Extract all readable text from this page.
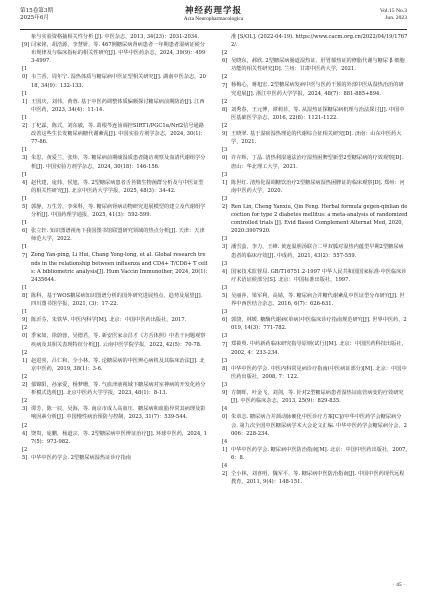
第15卷第3期
2025年6月
神经药理学报
Acta Neuropharmacologica
Vol.15 No.3
Jun. 2023

象与实验资格抽相关性分析 [J]. 中医杂志，2013, 34(23)：2031-2034.

[9] 闫家铭，胡浩源，李慧妍，等. 467例糖尿病肾病患者一年期患者湿病证候分布规律及与临床指标的相关性研究[J]. 中华中医药杂志，2024, 39(9)：4993-4997.

[10] 韦兰香，周年宁. 湿热体质与糖尿病中医证型相关研究[J]. 湖南中医杂志，2018, 34(9)：132-133.

[11] 王国庆，刘伟，黄蓉. 基于中医药调整体质偏颇探讨糖尿病前期防治[J]. 江西中医药，2023, 34(4)：11-14.

[12] 丁杞霖，陈式，刘东敏，等. 葛根芩连汤调控SIRT1/PGC1α/Nrf2信号通路改善这些生长发糖尿病糖代谢紊乱[J]. 中国实验方剂学杂志，2024, 30(1)：77-86.

[13] 朱思，黄爱兰，张炜，等. 糖尿病前期痰湿质患者随访观察及血清代谢组学分析[J]. 中国实验方剂学杂志，2024, 30(18)：146-156.

[14] 赵代建，庞炜，侯旭，等. 2型糖尿病患者舌苔微生物菌群分析及与中医证型的相关性研究[J]. 北京中医药大学学报，2025, 48(3)：34-42.

[15] 郭静，万生芳，李荣科，等. 糖尿病肾病动物研究进展模型的建立及代谢组学分析[J]. 中国药理学通报，2025, 41(3)：592-599.

[16] 张立轩. 知识图谱视角下我国图书馆联盟研究领域的热点分析[J]. 天津：天津师范大学，2022.

[17] Zong Yan-ping, Li Hui, Chang Yong-long, et al. Global research trends in the relationship between influenza and CD4+ T/CD8+ T cells: A bibliometric analysis[J]. Hum Vaccin Immunother, 2024, 20(1): 2435644.

[18] 陈科，基于WOS糖尿病知识图谱分析的国外研究进展热点，趋势及展望[J]. 四川图书馆学报，2021, (3)：17-22.

[19] 陈沂芬，朱铁华. 中医内科学[M]. 北京：中国中医药出版社，2017.

[20] 季家如，徐蔚蓉，吴德君，等. 新安医家余昌才《方舌体照》中若干问题观察疾病及其相关表现特征分析[J]. 云南中医学院学报，2022, 42(5)：70-78.

[21] 赵进喜，吕仁和，全小林，等. 论糖尿病的中医辨心病机及其临床治法[J]. 北京中医药，2019, 38(1)：3-6.

[22] 郁锦阳，孙家爱，杨梦珊，等. 气血津液视域下糖尿病对室神病的开发化药分析模式选析[J]. 北京中医药大学学报，2023, 48(1)：8-13.

[23] 谭芳，陈一辰，吴海，等. 南京市成人高血压、糖尿病和血脂异常其病理及影响因素分析[J]. 中国慢性病治预防与控制，2023, 31(7)：539-544.

[24] 饶贵，庞鹏，杨道宗，等. 2型糖尿病中医辨证治疗[J]. 环球中医药，2024, 17(5)：973-982.

[25] 中华中医药学会. 2型糖尿病湿热证诊疗指南

准 [S/OL]. (2022-04-19). https://www.cacm.org.cn/2022/04/19/17672/.

[26] 吴晓东，郝欣. 2型糖尿病肠道湿热证、肝胃郁热证的修脂代谢与糖尿 β 细胞功能的相关性研究[D]. 兰州：甘肃中医药大学，2021.

[27] 杨梅心，蒋旭宏. 2型糖尿病发病中医与医药干预的外部中医从湿热治治的研究进展[J]. 浙江中医药大学学报，2024, 48(7)：881-885+894.

[28] 刘秀春，王元博，谭莉菲，等. 从湿热证探糖尿病机理与治法探讨[J]. 中国中医基础医学杂志，2016, 22(8)：1121-1122.

[29] 王晓翠. 基于湿瘀湿热理论的代谢综合征相关研究[D]. 济南：山东中医药大学，2021.

[30] 许卉辉，丁晶. 清热利湿通法治疗湿热困脾型新型2型糖尿病的疗效观察[D]. 唐山：华北理工大学，2021.

[31] 陈世红. 清热化湿调糖饮治疗2型糖尿病湿热困脾证的临床观察[D]. 郑州：河南中医药大学，2020.

[32] Ren Lin, Cheng Yanxiu, Qin Feng. Herbal formula gegen-qinlian decoction for type 2 diabetes mellitus: a meta-analysis of randomized controlled trials [J]. Evid Based Complement Alternat Med, 2020, 2020:3907920.

[33] 潘雪萤，李力，王峰. 黄连温胆汤联合二甲双胍对湿热内蕴型早期2型糖尿病患者的临床疗效[J]. 中成药，2021, 43(2)：557-559.

[34] 国家技术监督局. GB/T16751.2-1997 中华人民共和国国家标准·中医临床诊疗术语证候部分[S]. 北京：中国标准出版社，1997.

[35] 吴丽萍，梁军利，高婧，等. 糖尿病合并糖代谢紊乱中医证型分布研究[J]. 世界中西医结合杂志，2016, 6(7)：626-631.

[36] 郭骁，林媛. 糖酶代谢病(单病)中医临床诊疗指南规范研究[J]. 世界中医药，2019, 14(3)：771-782.

[37] 郑筱萸. 中药新药临床研究指导原则(试行)[M]. 北京：中国医药科技出版社，2002, 4：233-234.

[38] 中华中医药学会. 中医内科常见病诊疗指南(中医病证部分)[M]. 北京：中国中医药出版社，2008, 7：122.

[39] 方朝晖，叶金飞，刘剑，等. 针对2型糖尿病患者湿热证血管病变的疗效研究[J]. 中医药临床杂志，2013, 25(9)：829-835.

[40] 朱章志. 糖尿病合并颈动脉硬化中医诊疗方案[C]//中华中医药学会糖尿病分会. 第九次全国中医糖尿病学术大会论文汇编. 中华中医药学会糖尿病分会，2006：228-234.

[41] 中华中医药学会. 糖尿病中医防治指南[M]. 北京：中国中医药出版社，2007, 6：8.

[42] 仝小林，刘喜明，魏军平，等. 糖尿病中医防治指南[J]. 中国中医药现代远程教育，2011, 9(4)：148-151.

· 45 ·
